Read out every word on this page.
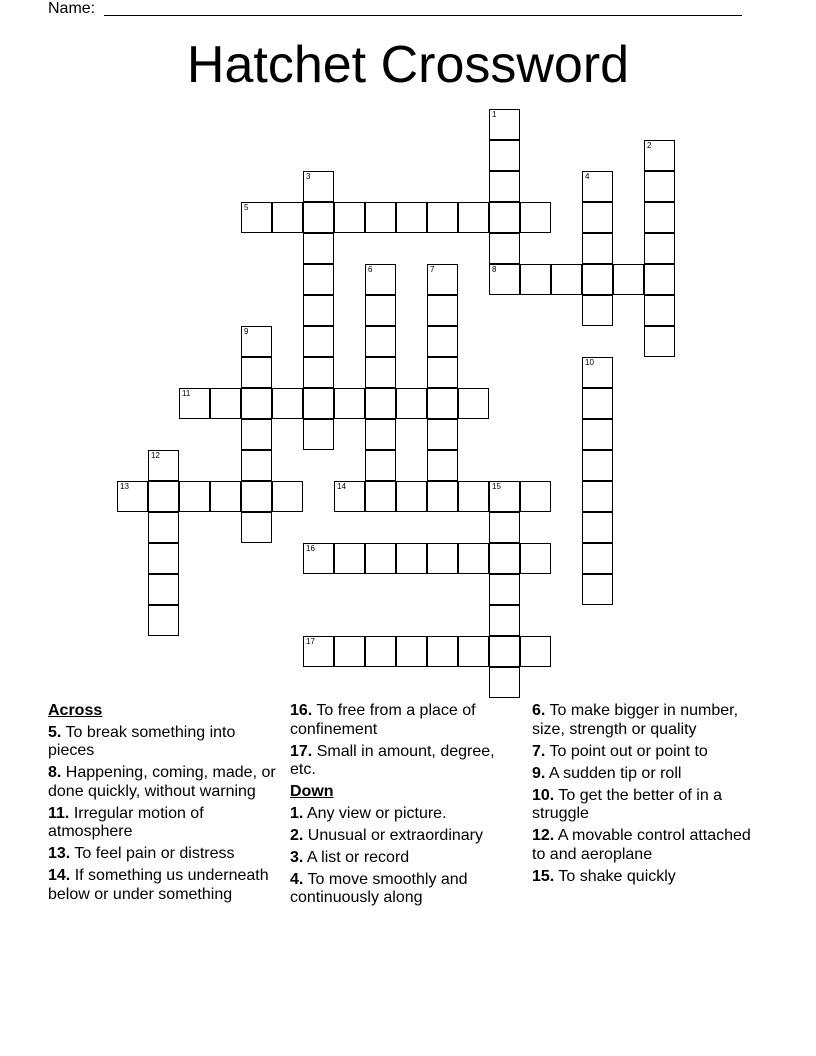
Name:
Hatchet Crossword
5
8
11
13	14	15
16
17
1
2
3	4
6	7
9
10
12
Across
5. To break something into pieces
8. Happening, coming, made, or done quickly, without warning
11. Irregular motion of atmosphere
13. To feel pain or distress
14. If something us underneath below or under something
16. To free from a place of confinement
17. Small in amount, degree, etc.
Down
1. Any view or picture.
2. Unusual or extraordinary
3. A list or record
4. To move smoothly and continuously along
6. To make bigger in number, size, strength or quality
7. To point out or point to
9. A sudden tip or roll
10. To get the better of in a struggle
12. A movable control attached to and aeroplane
15. To shake quickly
